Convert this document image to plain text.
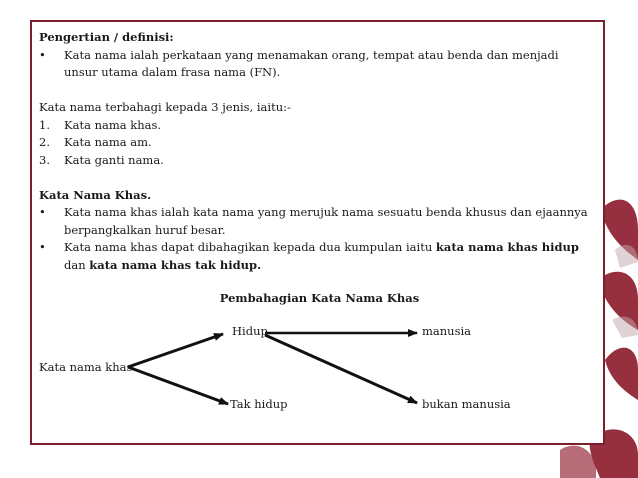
Pengertian / definisi:
• Kata nama ialah perkataan yang menamakan orang, tempat atau benda dan menjadi unsur utama dalam frasa nama (FN).
Kata nama terbahagi kepada 3 jenis, iaitu:-
1. Kata nama khas.
2. Kata nama am.
3. Kata ganti nama.
Kata Nama Khas.
• Kata nama khas ialah kata nama yang merujuk nama sesuatu benda khusus dan ejaannya berpangkalkan huruf besar.
• Kata nama khas dapat dibahagikan kepada dua kumpulan iaitu kata nama khas hidup dan kata nama khas tak hidup.
Pembahagian Kata Nama Khas
Hidup
Kata nama khas
Tak hidup
manusia
bukan manusia
